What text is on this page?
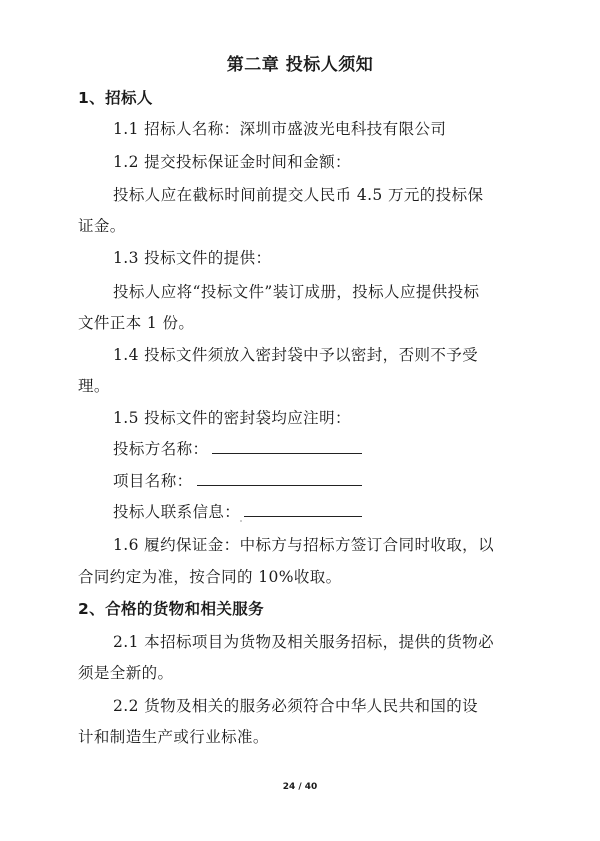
第二章 投标人须知
1、招标人
1.1 招标人名称：深圳市盛波光电科技有限公司
1.2 提交投标保证金时间和金额：
投标人应在截标时间前提交人民币 4.5 万元的投标保
证金。
1.3 投标文件的提供：
投标人应将“投标文件”装订成册，投标人应提供投标
文件正本 1 份。
1.4 投标文件须放入密封袋中予以密封，否则不予受
理。
1.5 投标文件的密封袋均应注明：
投标方名称：
项目名称：
投标人联系信息：
1.6 履约保证金：中标方与招标方签订合同时收取，以
合同约定为准，按合同的 10%收取。
2、合格的货物和相关服务
2.1 本招标项目为货物及相关服务招标，提供的货物必
须是全新的。
2.2 货物及相关的服务必须符合中华人民共和国的设
计和制造生产或行业标准。
24 / 40
